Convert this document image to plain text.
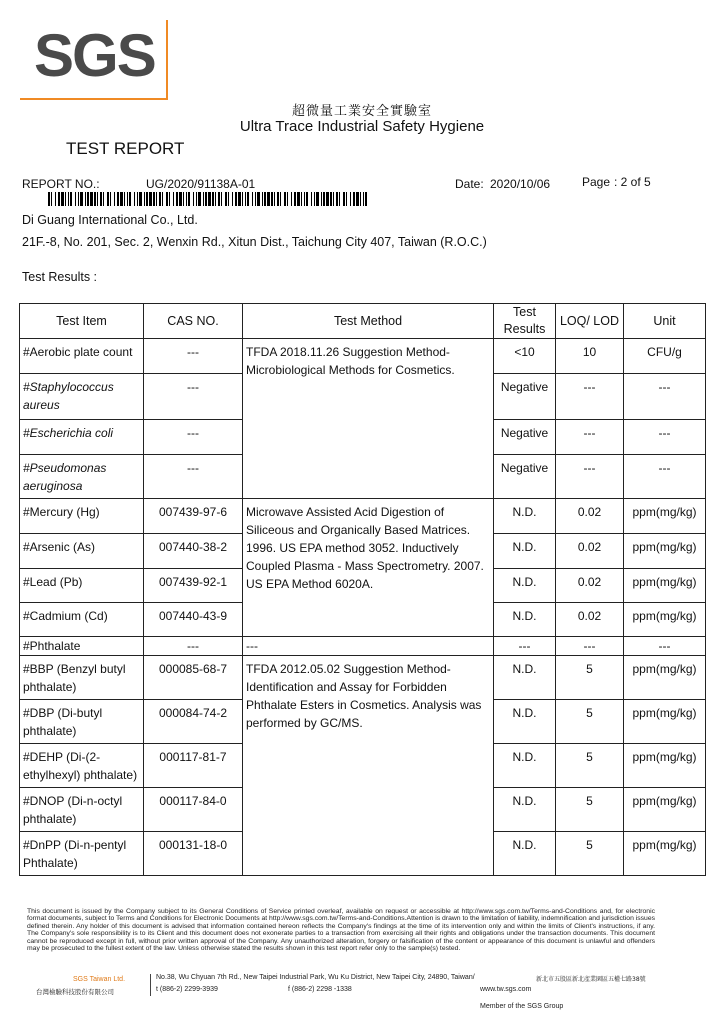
SGS
超微量工業安全實驗室
Ultra Trace Industrial Safety Hygiene
TEST REPORT
REPORT NO.:	UG/2020/91138A-01	Date: 2020/10/06	Page : 2 of 5
Di Guang International Co., Ltd.
21F.-8, No. 201, Sec. 2, Wenxin Rd., Xitun Dist., Taichung City 407, Taiwan (R.O.C.)
Test Results :
Test Item	CAS NO.	Test Method	Test Results	LOQ/ LOD	Unit
#Aerobic plate count	---	TFDA 2018.11.26 Suggestion Method-Microbiological Methods for Cosmetics.	<10	10	CFU/g
#Staphylococcus aureus	---		Negative	---	---
#Escherichia coli	---		Negative	---	---
#Pseudomonas aeruginosa	---		Negative	---	---
#Mercury (Hg)	007439-97-6	Microwave Assisted Acid Digestion of Siliceous and Organically Based Matrices. 1996. US EPA method 3052. Inductively Coupled Plasma - Mass Spectrometry. 2007. US EPA Method 6020A.	N.D.	0.02	ppm(mg/kg)
#Arsenic (As)	007440-38-2		N.D.	0.02	ppm(mg/kg)
#Lead (Pb)	007439-92-1		N.D.	0.02	ppm(mg/kg)
#Cadmium (Cd)	007440-43-9		N.D.	0.02	ppm(mg/kg)
#Phthalate	---	---	---	---	---
#BBP (Benzyl butyl phthalate)	000085-68-7	TFDA 2012.05.02 Suggestion Method-Identification and Assay for Forbidden Phthalate Esters in Cosmetics. Analysis was performed by GC/MS.	N.D.	5	ppm(mg/kg)
#DBP (Di-butyl phthalate)	000084-74-2		N.D.	5	ppm(mg/kg)
#DEHP (Di-(2-ethylhexyl) phthalate)	000117-81-7		N.D.	5	ppm(mg/kg)
#DNOP (Di-n-octyl phthalate)	000117-84-0		N.D.	5	ppm(mg/kg)
#DnPP (Di-n-pentyl Phthalate)	000131-18-0		N.D.	5	ppm(mg/kg)
This document is issued by the Company subject to its General Conditions of Service printed overleaf, available on request or accessible at http://www.sgs.com.tw/Terms-and-Conditions and, for electronic format documents, subject to Terms and Conditions for Electronic Documents at http://www.sgs.com.tw/Terms-and-Conditions.Attention is drawn to the limitation of liability, indemnification and jurisdiction issues defined therein. Any holder of this document is advised that information contained hereon reflects the Company's findings at the time of its intervention only and within the limits of Client's instructions, if any. The Company's sole responsibility is to its Client and this document does not exonerate parties to a transaction from exercising all their rights and obligations under the transaction documents. This document cannot be reproduced except in full, without prior written approval of the Company. Any unauthorized alteration, forgery or falsification of the content or appearance of this document is unlawful and offenders may be prosecuted to the fullest extent of the law. Unless otherwise stated the results shown in this test report refer only to the sample(s) tested.
SGS Taiwan Ltd.	No.38, Wu Chyuan 7th Rd., New Taipei Industrial Park, Wu Ku District, New Taipei City, 24890, Taiwan/	新北市五股區新北產業園區五權七路38號
台灣檢驗科技股份有限公司	t (886-2) 2299-3939	f (886-2) 2298 -1338	www.tw.sgs.com
Member of the SGS Group
